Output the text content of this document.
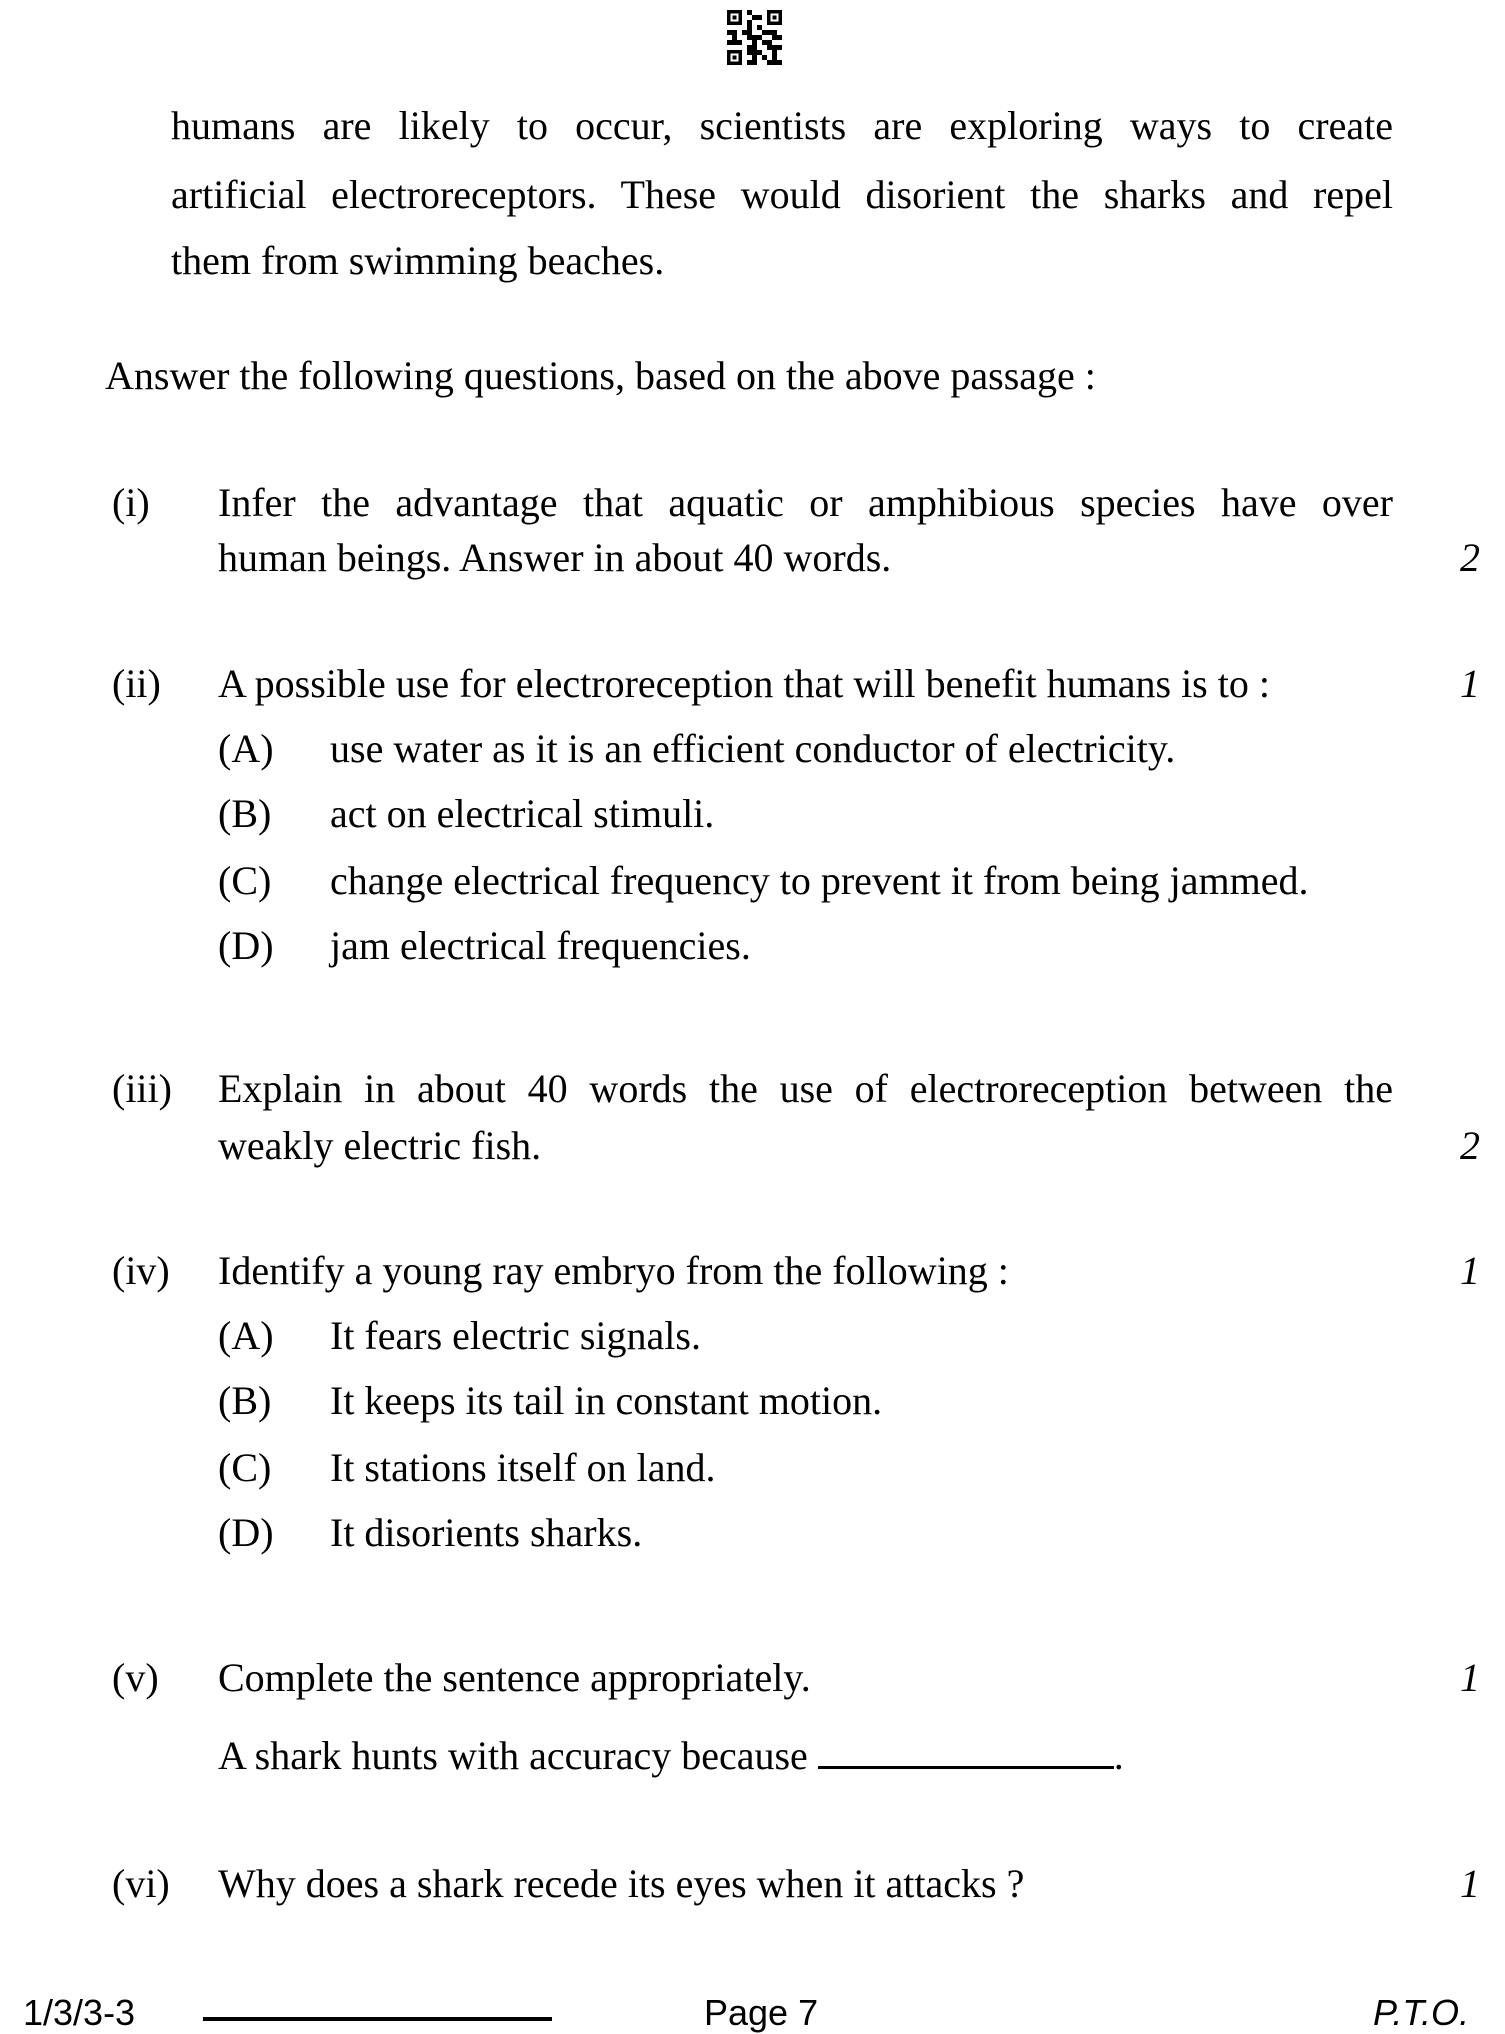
humans are likely to occur, scientists are exploring ways to create
artificial electroreceptors. These would disorient the sharks and repel
them from swimming beaches.
Answer the following questions, based on the above passage :
(i) Infer the advantage that aquatic or amphibious species have over
human beings. Answer in about 40 words.	2
(ii) A possible use for electroreception that will benefit humans is to :	1
(A) use water as it is an efficient conductor of electricity.
(B) act on electrical stimuli.
(C) change electrical frequency to prevent it from being jammed.
(D) jam electrical frequencies.
(iii) Explain in about 40 words the use of electroreception between the
weakly electric fish.	2
(iv) Identify a young ray embryo from the following :	1
(A) It fears electric signals.
(B) It keeps its tail in constant motion.
(C) It stations itself on land.
(D) It disorients sharks.
(v) Complete the sentence appropriately.	1
A shark hunts with accuracy because	.
(vi) Why does a shark recede its eyes when it attacks ?	1
1/3/3-3	Page 7	P.T.O.
